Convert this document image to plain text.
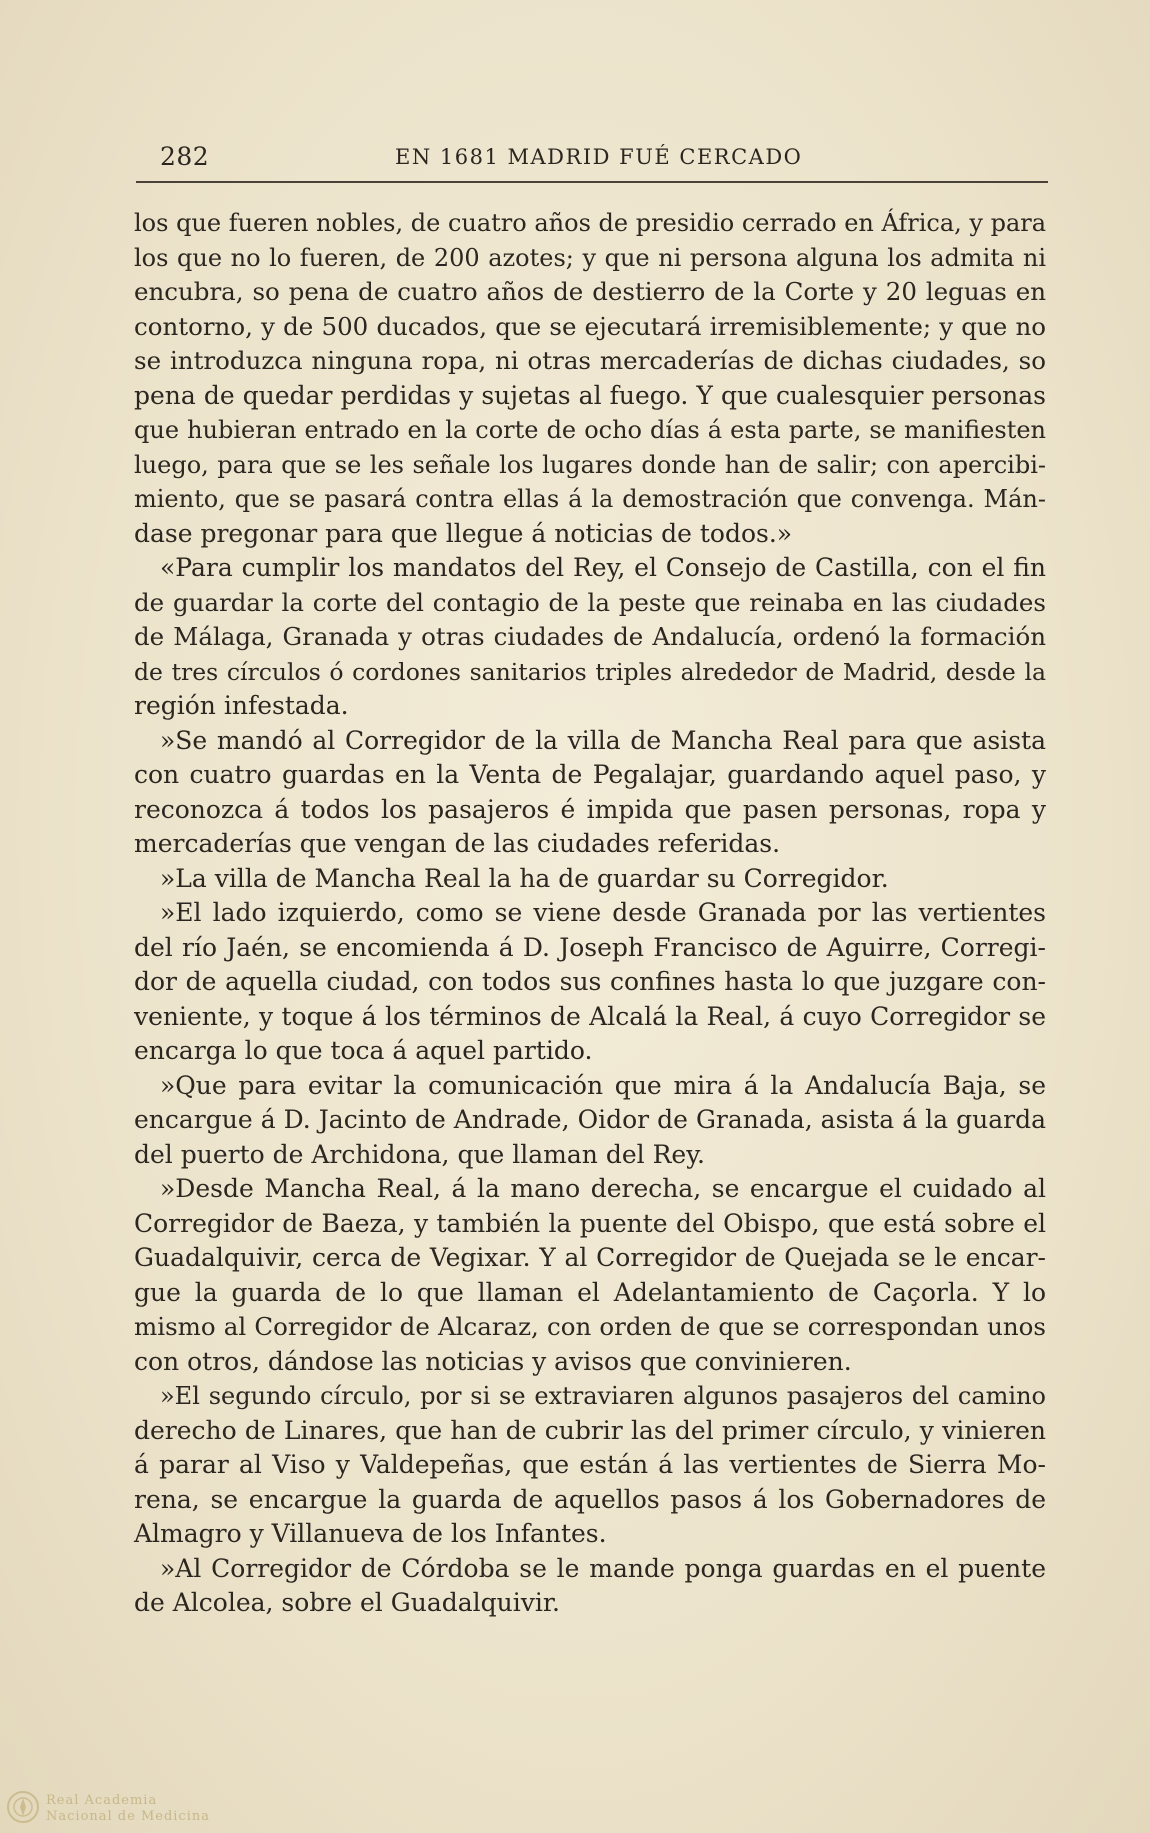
282	EN 1681 MADRID FUÉ CERCADO
los que fueren nobles, de cuatro años de presidio cerrado en África, y para
los que no lo fueren, de 200 azotes; y que ni persona alguna los admita ni
encubra, so pena de cuatro años de destierro de la Corte y 20 leguas en
contorno, y de 500 ducados, que se ejecutará irremisiblemente; y que no
se introduzca ninguna ropa, ni otras mercaderías de dichas ciudades, so
pena de quedar perdidas y sujetas al fuego. Y que cualesquier personas
que hubieran entrado en la corte de ocho días á esta parte, se manifiesten
luego, para que se les señale los lugares donde han de salir; con apercibi-
miento, que se pasará contra ellas á la demostración que convenga. Mán-
dase pregonar para que llegue á noticias de todos.»
«Para cumplir los mandatos del Rey, el Consejo de Castilla, con el fin
de guardar la corte del contagio de la peste que reinaba en las ciudades
de Málaga, Granada y otras ciudades de Andalucía, ordenó la formación
de tres círculos ó cordones sanitarios triples alrededor de Madrid, desde la
región infestada.
»Se mandó al Corregidor de la villa de Mancha Real para que asista
con cuatro guardas en la Venta de Pegalajar, guardando aquel paso, y
reconozca á todos los pasajeros é impida que pasen personas, ropa y
mercaderías que vengan de las ciudades referidas.
»La villa de Mancha Real la ha de guardar su Corregidor.
»El lado izquierdo, como se viene desde Granada por las vertientes
del río Jaén, se encomienda á D. Joseph Francisco de Aguirre, Corregi-
dor de aquella ciudad, con todos sus confines hasta lo que juzgare con-
veniente, y toque á los términos de Alcalá la Real, á cuyo Corregidor se
encarga lo que toca á aquel partido.
»Que para evitar la comunicación que mira á la Andalucía Baja, se
encargue á D. Jacinto de Andrade, Oidor de Granada, asista á la guarda
del puerto de Archidona, que llaman del Rey.
»Desde Mancha Real, á la mano derecha, se encargue el cuidado al
Corregidor de Baeza, y también la puente del Obispo, que está sobre el
Guadalquivir, cerca de Vegixar. Y al Corregidor de Quejada se le encar-
gue la guarda de lo que llaman el Adelantamiento de Caçorla. Y lo
mismo al Corregidor de Alcaraz, con orden de que se correspondan unos
con otros, dándose las noticias y avisos que convinieren.
»El segundo círculo, por si se extraviaren algunos pasajeros del camino
derecho de Linares, que han de cubrir las del primer círculo, y vinieren
á parar al Viso y Valdepeñas, que están á las vertientes de Sierra Mo-
rena, se encargue la guarda de aquellos pasos á los Gobernadores de
Almagro y Villanueva de los Infantes.
»Al Corregidor de Córdoba se le mande ponga guardas en el puente
de Alcolea, sobre el Guadalquivir.
Real Academia
Nacional de Medicina
